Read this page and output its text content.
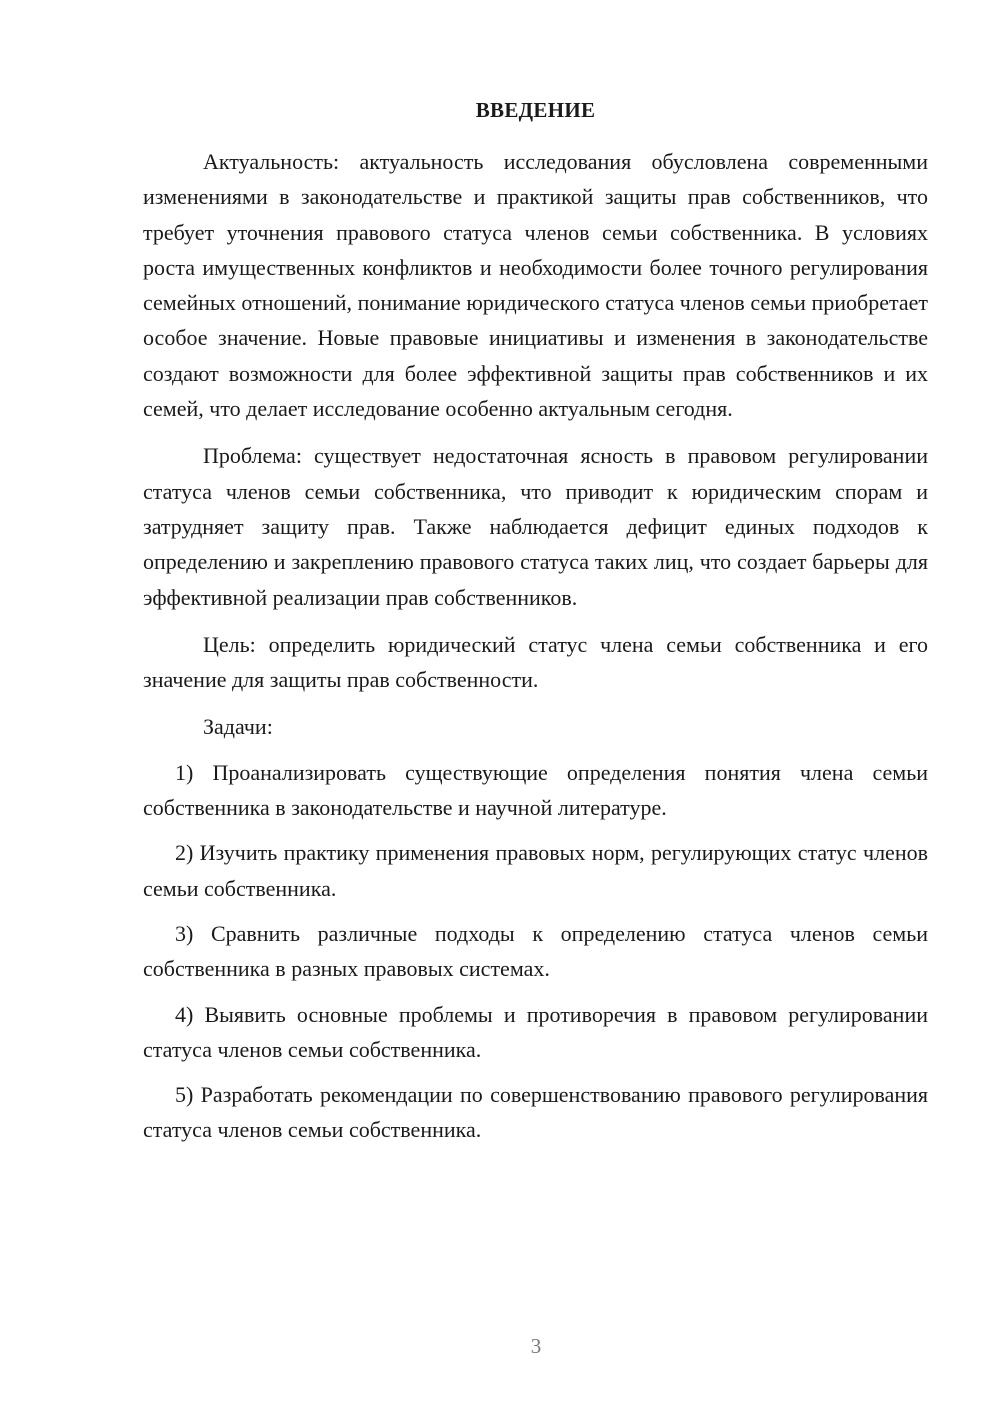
ВВЕДЕНИЕ

Актуальность: актуальность исследования обусловлена современными изменениями в законодательстве и практикой защиты прав собственников, что требует уточнения правового статуса членов семьи собственника. В условиях роста имущественных конфликтов и необходимости более точного регулирования семейных отношений, понимание юридического статуса членов семьи приобретает особое значение. Новые правовые инициативы и изменения в законодательстве создают возможности для более эффективной защиты прав собственников и их семей, что делает исследование особенно актуальным сегодня.

Проблема: существует недостаточная ясность в правовом регулировании статуса членов семьи собственника, что приводит к юридическим спорам и затрудняет защиту прав. Также наблюдается дефицит единых подходов к определению и закреплению правового статуса таких лиц, что создает барьеры для эффективной реализации прав собственников.

Цель: определить юридический статус члена семьи собственника и его значение для защиты прав собственности.

Задачи:

1) Проанализировать существующие определения понятия члена семьи собственника в законодательстве и научной литературе.

2) Изучить практику применения правовых норм, регулирующих статус членов семьи собственника.

3) Сравнить различные подходы к определению статуса членов семьи собственника в разных правовых системах.

4) Выявить основные проблемы и противоречия в правовом регулировании статуса членов семьи собственника.

5) Разработать рекомендации по совершенствованию правового регулирования статуса членов семьи собственника.

3
